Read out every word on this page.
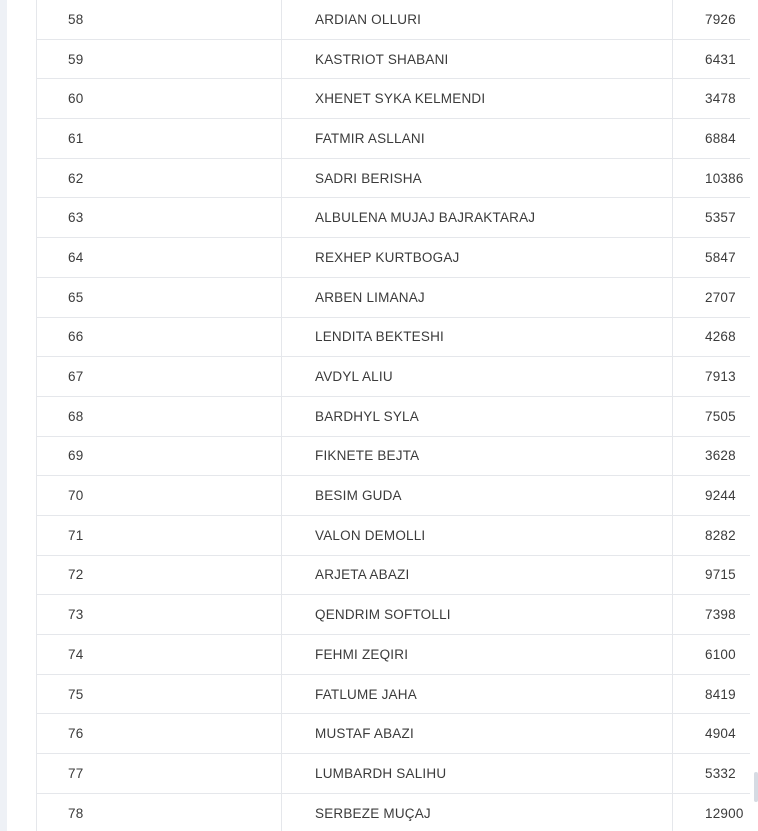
58	ARDIAN OLLURI	7926
59	KASTRIOT SHABANI	6431
60	XHENET SYKA KELMENDI	3478
61	FATMIR ASLLANI	6884
62	SADRI BERISHA	10386
63	ALBULENA MUJAJ BAJRAKTARAJ	5357
64	REXHEP KURTBOGAJ	5847
65	ARBEN LIMANAJ	2707
66	LENDITA BEKTESHI	4268
67	AVDYL ALIU	7913
68	BARDHYL SYLA	7505
69	FIKNETE BEJTA	3628
70	BESIM GUDA	9244
71	VALON DEMOLLI	8282
72	ARJETA ABAZI	9715
73	QENDRIM SOFTOLLI	7398
74	FEHMI ZEQIRI	6100
75	FATLUME JAHA	8419
76	MUSTAF ABAZI	4904
77	LUMBARDH SALIHU	5332
78	SERBEZE MUÇAJ	12900
